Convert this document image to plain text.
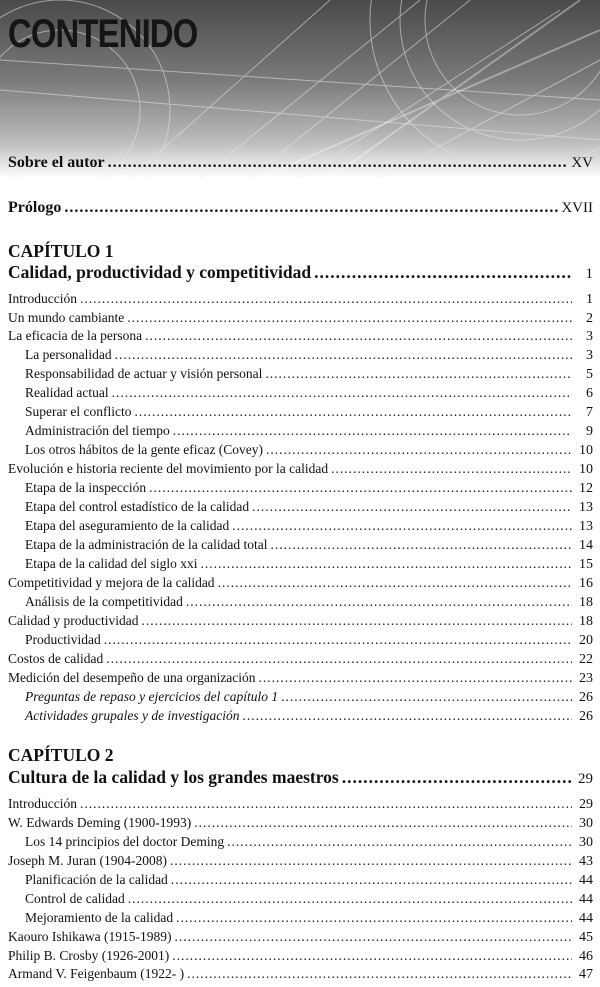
CONTENIDO
Sobre el autor .....	XV
Prólogo .....	XVII
CAPÍTULO 1
Calidad, productividad y competitividad .....	1
Introducción .....	1
Un mundo cambiante .....	2
La eficacia de la persona .....	3
La personalidad .....	3
Responsabilidad de actuar y visión personal .....	5
Realidad actual .....	6
Superar el conflicto .....	7
Administración del tiempo .....	9
Los otros hábitos de la gente eficaz (Covey) .....	10
Evolución e historia reciente del movimiento por la calidad .....	10
Etapa de la inspección .....	12
Etapa del control estadístico de la calidad .....	13
Etapa del aseguramiento de la calidad .....	13
Etapa de la administración de la calidad total .....	14
Etapa de la calidad del siglo xxi .....	15
Competitividad y mejora de la calidad .....	16
Análisis de la competitividad .....	18
Calidad y productividad .....	18
Productividad .....	20
Costos de calidad .....	22
Medición del desempeño de una organización .....	23
Preguntas de repaso y ejercicios del capítulo 1 .....	26
Actividades grupales y de investigación .....	26
CAPÍTULO 2
Cultura de la calidad y los grandes maestros .....	29
Introducción .....	29
W. Edwards Deming (1900-1993) .....	30
Los 14 principios del doctor Deming .....	30
Joseph M. Juran (1904-2008) .....	43
Planificación de la calidad .....	44
Control de calidad .....	44
Mejoramiento de la calidad .....	44
Kaouro Ishikawa (1915-1989) .....	45
Philip B. Crosby (1926-2001) .....	46
Armand V. Feigenbaum (1922- ) .....	47
